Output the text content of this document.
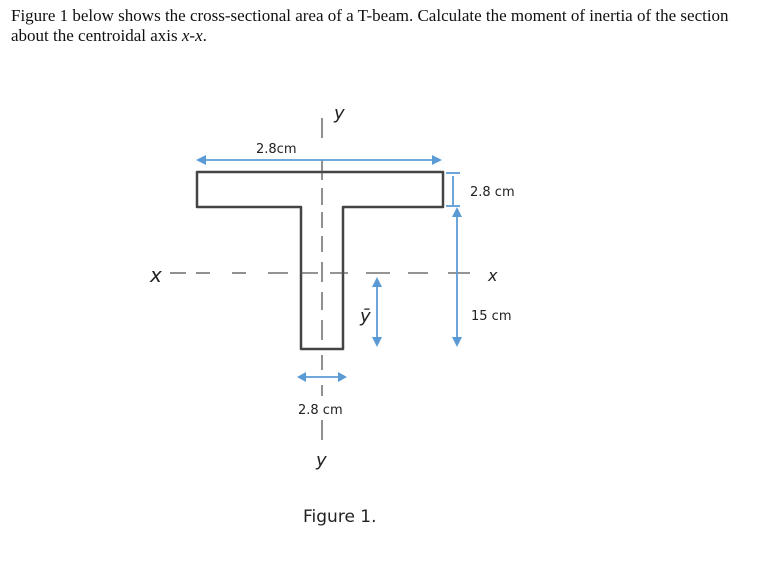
Figure 1 below shows the cross-sectional area of a T-beam. Calculate the moment of inertia of the section about the centroidal axis x-x.

2.8cm
2.8 cm
15 cm
2.8 cm
x	x
y
y
ȳ
Figure 1.
